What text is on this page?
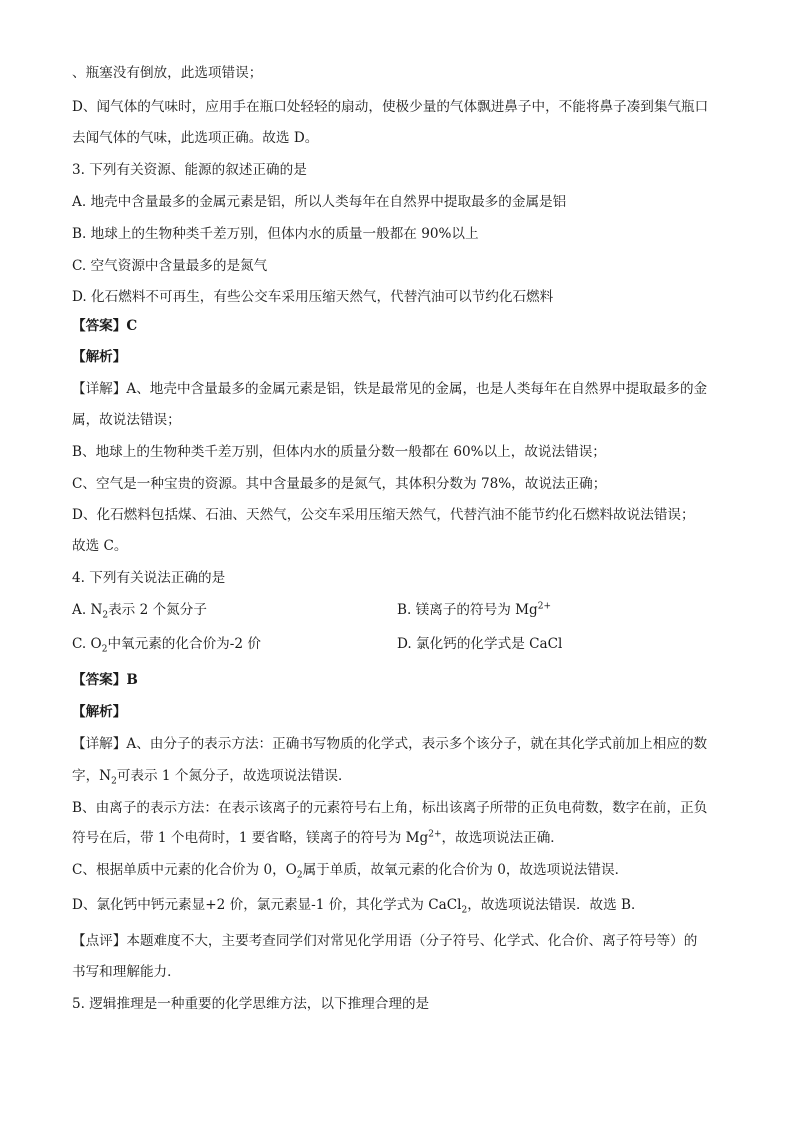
、瓶塞没有倒放，此选项错误；
D、闻气体的气味时，应用手在瓶口处轻轻的扇动，使极少量的气体飘进鼻子中，不能将鼻子凑到集气瓶口
去闻气体的气味，此选项正确。故选 D。
3. 下列有关资源、能源的叙述正确的是
A. 地壳中含量最多的金属元素是铝，所以人类每年在自然界中提取最多的金属是铝
B. 地球上的生物种类千差万别，但体内水的质量一般都在 90%以上
C. 空气资源中含量最多的是氮气
D. 化石燃料不可再生，有些公交车采用压缩天然气，代替汽油可以节约化石燃料
【答案】C
【解析】
【详解】A、地壳中含量最多的金属元素是铝，铁是最常见的金属，也是人类每年在自然界中提取最多的金
属，故说法错误；
B、地球上的生物种类千差万别，但体内水的质量分数一般都在 60%以上，故说法错误；
C、空气是一种宝贵的资源。其中含量最多的是氮气，其体积分数为 78%，故说法正确；
D、化石燃料包括煤、石油、天然气，公交车采用压缩天然气，代替汽油不能节约化石燃料故说法错误；
故选 C。
4. 下列有关说法正确的是
A. $N_2$表示 2 个氮分子	B. 镁离子的符号为 $Mg^{2+}$
C. $O_2$中氧元素的化合价为-2 价	D. 氯化钙的化学式是 CaCl
【答案】B
【解析】
【详解】A、由分子的表示方法：正确书写物质的化学式，表示多个该分子，就在其化学式前加上相应的数
字，$N_2$可表示 1 个氮分子，故选项说法错误．
B、由离子的表示方法：在表示该离子的元素符号右上角，标出该离子所带的正负电荷数，数字在前，正负
符号在后，带 1 个电荷时，1 要省略，镁离子的符号为 $Mg^{2+}$，故选项说法正确．
C、根据单质中元素的化合价为 0，$O_2$属于单质，故氧元素的化合价为 0，故选项说法错误．
D、氯化钙中钙元素显+2 价，氯元素显-1 价，其化学式为 CaCl$_2$，故选项说法错误．故选 B．
【点评】本题难度不大，主要考查同学们对常见化学用语（分子符号、化学式、化合价、离子符号等）的
书写和理解能力．
5. 逻辑推理是一种重要的化学思维方法，以下推理合理的是
